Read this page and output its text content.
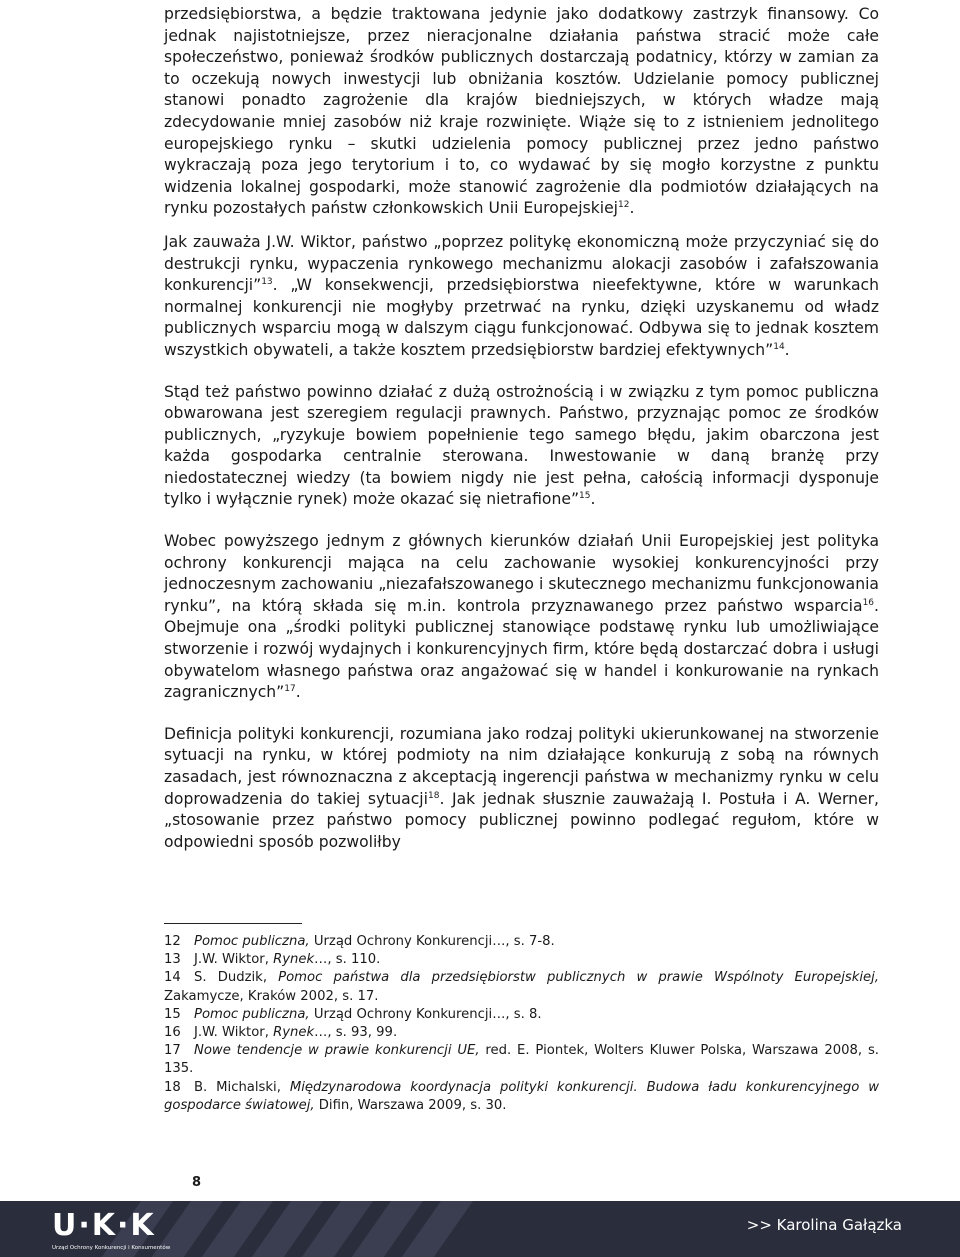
przedsiębiorstwa, a będzie traktowana jedynie jako dodatkowy zastrzyk finansowy. Co jednak najistotniejsze, przez nieracjonalne działania państwa stracić może całe społeczeństwo, ponieważ środków publicznych dostarczają podatnicy, którzy w zamian za to oczekują nowych inwestycji lub obniżania kosztów. Udzielanie pomocy publicznej stanowi ponadto zagrożenie dla krajów biedniejszych, w których władze mają zdecydowanie mniej zasobów niż kraje rozwinięte. Wiąże się to z istnieniem jednolitego europejskiego rynku – skutki udzielenia pomocy publicznej przez jedno państwo wykraczają poza jego terytorium i to, co wydawać by się mogło korzystne z punktu widzenia lokalnej gospodarki, może stanowić zagrożenie dla podmiotów działających na rynku pozostałych państw członkowskich Unii Europejskiej$^{12}$.

Jak zauważa J.W. Wiktor, państwo „poprzez politykę ekonomiczną może przyczyniać się do destrukcji rynku, wypaczenia rynkowego mechanizmu alokacji zasobów i zafałszowania konkurencji”$^{13}$. „W konsekwencji, przedsiębiorstwa nieefektywne, które w warunkach normalnej konkurencji nie mogłyby przetrwać na rynku, dzięki uzyskanemu od władz publicznych wsparciu mogą w dalszym ciągu funkcjonować. Odbywa się to jednak kosztem wszystkich obywateli, a także kosztem przedsiębiorstw bardziej efektywnych”$^{14}$.

Stąd też państwo powinno działać z dużą ostrożnością i w związku z tym pomoc publiczna obwarowana jest szeregiem regulacji prawnych. Państwo, przyznając pomoc ze środków publicznych, „ryzykuje bowiem popełnienie tego samego błędu, jakim obarczona jest każda gospodarka centralnie sterowana. Inwestowanie w daną branżę przy niedostatecznej wiedzy (ta bowiem nigdy nie jest pełna, całością informacji dysponuje tylko i wyłącznie rynek) może okazać się nietrafione”$^{15}$.

Wobec powyższego jednym z głównych kierunków działań Unii Europejskiej jest polityka ochrony konkurencji mająca na celu zachowanie wysokiej konkurencyjności przy jednoczesnym zachowaniu „niezafałszowanego i skutecznego mechanizmu funkcjonowania rynku”, na którą składa się m.in. kontrola przyznawanego przez państwo wsparcia$^{16}$. Obejmuje ona „środki polityki publicznej stanowiące podstawę rynku lub umożliwiające stworzenie i rozwój wydajnych i konkurencyjnych firm, które będą dostarczać dobra i usługi obywatelom własnego państwa oraz angażować się w handel i konkurowanie na rynkach zagranicznych”$^{17}$.

Definicja polityki konkurencji, rozumiana jako rodzaj polityki ukierunkowanej na stworzenie sytuacji na rynku, w której podmioty na nim działające konkurują z sobą na równych zasadach, jest równoznaczna z akceptacją ingerencji państwa w mechanizmy rynku w celu doprowadzenia do takiej sytuacji$^{18}$. Jak jednak słusznie zauważają I. Postuła i A. Werner, „stosowanie przez państwo pomocy publicznej powinno podlegać regułom, które w odpowiedni sposób pozwoliłby

12 Pomoc publiczna, Urząd Ochrony Konkurencji…, s. 7-8.
13 J.W. Wiktor, Rynek…, s. 110.
14 S. Dudzik, Pomoc państwa dla przedsiębiorstw publicznych w prawie Wspólnoty Europejskiej, Zakamycze, Kraków 2002, s. 17.
15 Pomoc publiczna, Urząd Ochrony Konkurencji…, s. 8.
16 J.W. Wiktor, Rynek…, s. 93, 99.
17 Nowe tendencje w prawie konkurencji UE, red. E. Piontek, Wolters Kluwer Polska, Warszawa 2008, s. 135.
18 B. Michalski, Międzynarodowa koordynacja polityki konkurencji. Budowa ładu konkurencyjnego w gospodarce światowej, Difin, Warszawa 2009, s. 30.
8
U·K·K
Urząd Ochrony Konkurencji i Konsumentów
>> Karolina Gałązka
